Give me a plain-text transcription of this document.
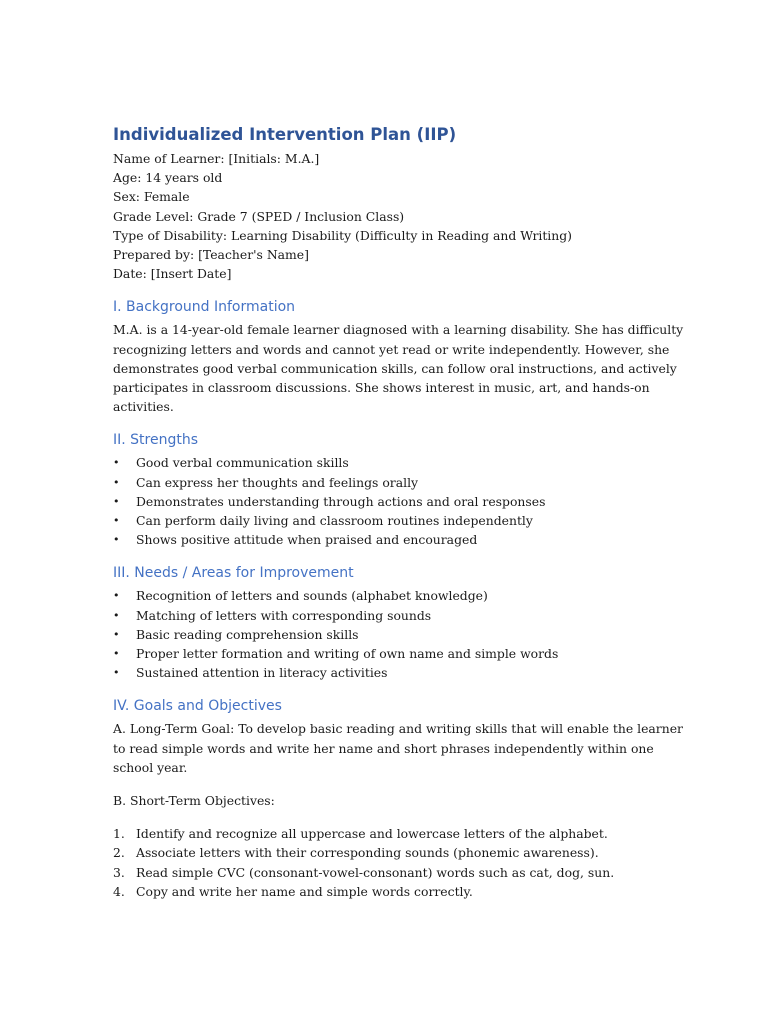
Individualized Intervention Plan (IIP)
Name of Learner: [Initials: M.A.]
Age: 14 years old
Sex: Female
Grade Level: Grade 7 (SPED / Inclusion Class)
Type of Disability: Learning Disability (Difficulty in Reading and Writing)
Prepared by: [Teacher's Name]
Date: [Insert Date]
I. Background Information
M.A. is a 14-year-old female learner diagnosed with a learning disability. She has difficulty
recognizing letters and words and cannot yet read or write independently. However, she
demonstrates good verbal communication skills, can follow oral instructions, and actively
participates in classroom discussions. She shows interest in music, art, and hands-on
activities.
II. Strengths
• Good verbal communication skills
• Can express her thoughts and feelings orally
• Demonstrates understanding through actions and oral responses
• Can perform daily living and classroom routines independently
• Shows positive attitude when praised and encouraged
III. Needs / Areas for Improvement
• Recognition of letters and sounds (alphabet knowledge)
• Matching of letters with corresponding sounds
• Basic reading comprehension skills
• Proper letter formation and writing of own name and simple words
• Sustained attention in literacy activities
IV. Goals and Objectives
A. Long-Term Goal: To develop basic reading and writing skills that will enable the learner
to read simple words and write her name and short phrases independently within one
school year.
B. Short-Term Objectives:
1. Identify and recognize all uppercase and lowercase letters of the alphabet.
2. Associate letters with their corresponding sounds (phonemic awareness).
3. Read simple CVC (consonant-vowel-consonant) words such as cat, dog, sun.
4. Copy and write her name and simple words correctly.
